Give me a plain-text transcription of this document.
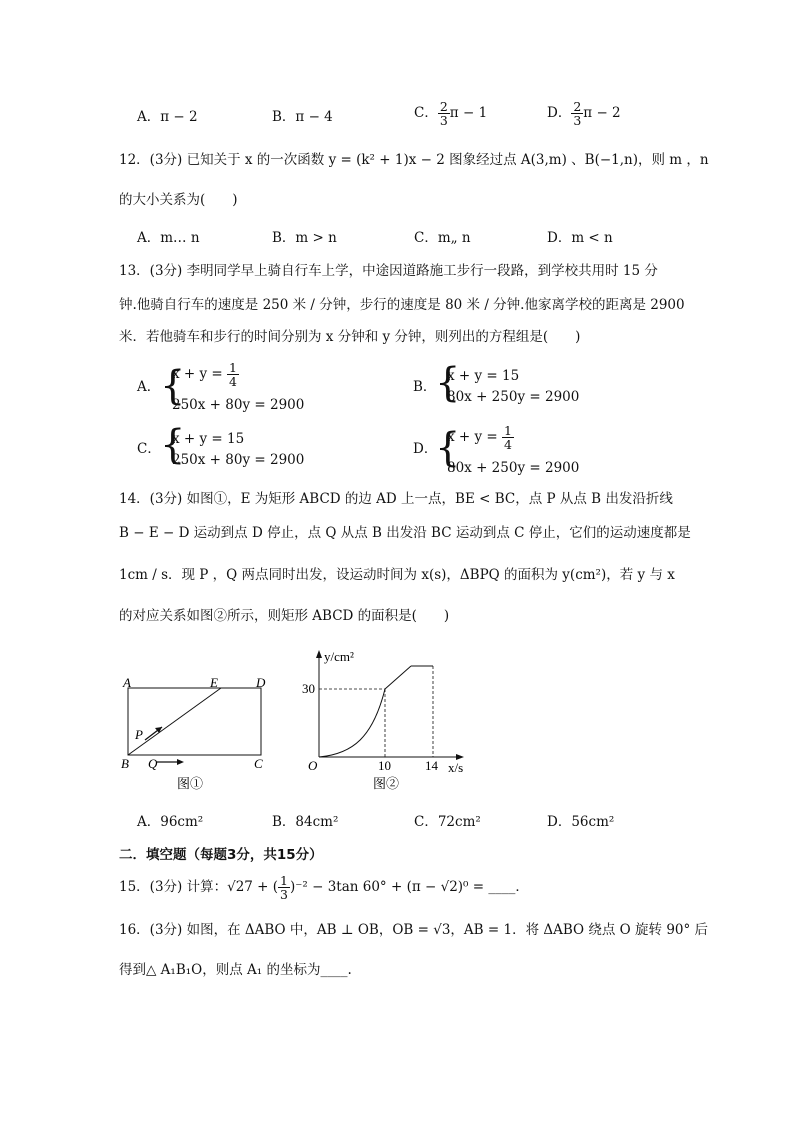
A．π − 2	B．π − 4	C． $\frac{2}{3}$ π − 1	D． $\frac{2}{3}$ π − 2
12．(3分) 已知关于 x 的一次函数 y = (k² + 1)x − 2 图象经过点 A(3,m) 、B(−1,n)，则 m ，n
的大小关系为(　　)
A．m… n	B．m > n	C．m„ n	D．m < n
13．(3分) 李明同学早上骑自行车上学，中途因道路施工步行一段路，到学校共用时 15 分
钟.他骑自行车的速度是 250 米 / 分钟，步行的速度是 80 米 / 分钟.他家离学校的距离是 2900
米．若他骑车和步行的时间分别为 x 分钟和 y 分钟，则列出的方程组是(　　)
A． {
$x + y = \frac{1}{4}$
250x + 80y = 2900
B．
{
x + y = 15
80x + 250y = 2900
C． {
x + y = 15
250x + 80y = 2900
D．
{
$x + y = \frac{1}{4}$
80x + 250y = 2900
14．(3分) 如图①，E 为矩形 ABCD 的边 AD 上一点，BE < BC，点 P 从点 B 出发沿折线
B − E − D 运动到点 D 停止，点 Q 从点 B 出发沿 BC 运动到点 C 停止，它们的运动速度都是
1cm / s．现 P ，Q 两点同时出发，设运动时间为 x(s)，ΔBPQ 的面积为 y(cm²)，若 y 与 x
的对应关系如图②所示，则矩形 ABCD 的面积是(　　)
A	E	D
P
B Q	C
图①
y/cm²
30
O	10	14 x/s
图②
A．96cm²	B．84cm²	C．72cm²	D．56cm²
二．填空题（每题3分，共15分）
15．(3分) 计算：√27 + ( $\frac{1}{3} )^{-2} - 3\tan$ 60° + (π − √2)⁰ = ____．
16．(3分) 如图，在 ΔABO 中，AB ⊥ OB，OB = √3，AB = 1．将 ΔABO 绕点 O 旋转 90° 后
得到△ A₁B₁O，则点 A₁ 的坐标为____.
